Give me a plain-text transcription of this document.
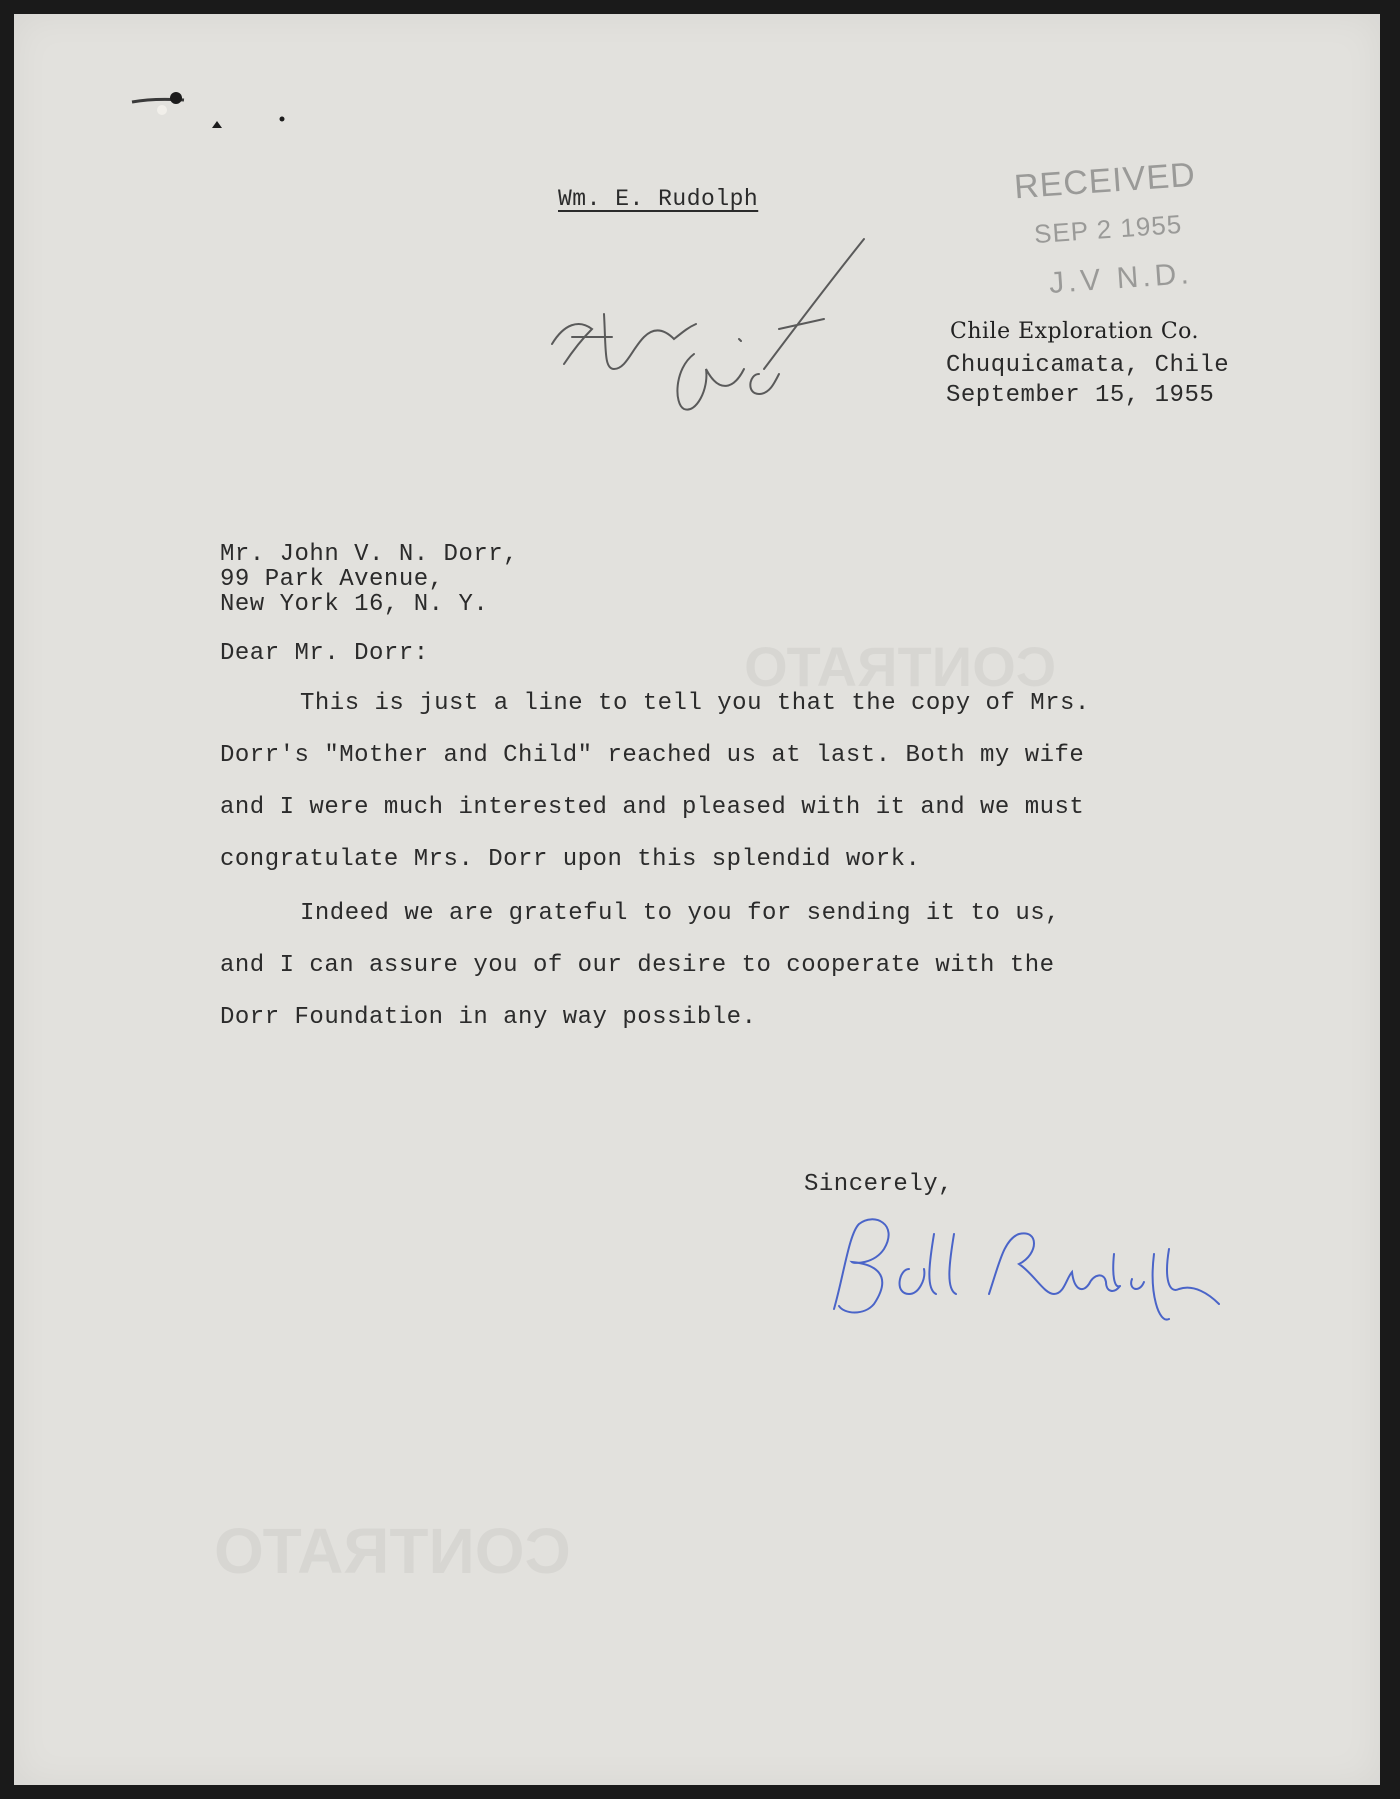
Wm. E. Rudolph	RECEIVED
SEP 2 1955
J.V N.D.
Chile Exploration Co.
Chuquicamata, Chile
September 15, 1955
CONTRATO
CONTRATO
Mr. John V. N. Dorr,
99 Park Avenue,
New York 16, N. Y.
Dear Mr. Dorr:
This is just a line to tell you that the copy of Mrs.
Dorr's "Mother and Child" reached us at last. Both my wife
and I were much interested and pleased with it and we must
congratulate Mrs. Dorr upon this splendid work.
Indeed we are grateful to you for sending it to us,
and I can assure you of our desire to cooperate with the
Dorr Foundation in any way possible.
Sincerely,
